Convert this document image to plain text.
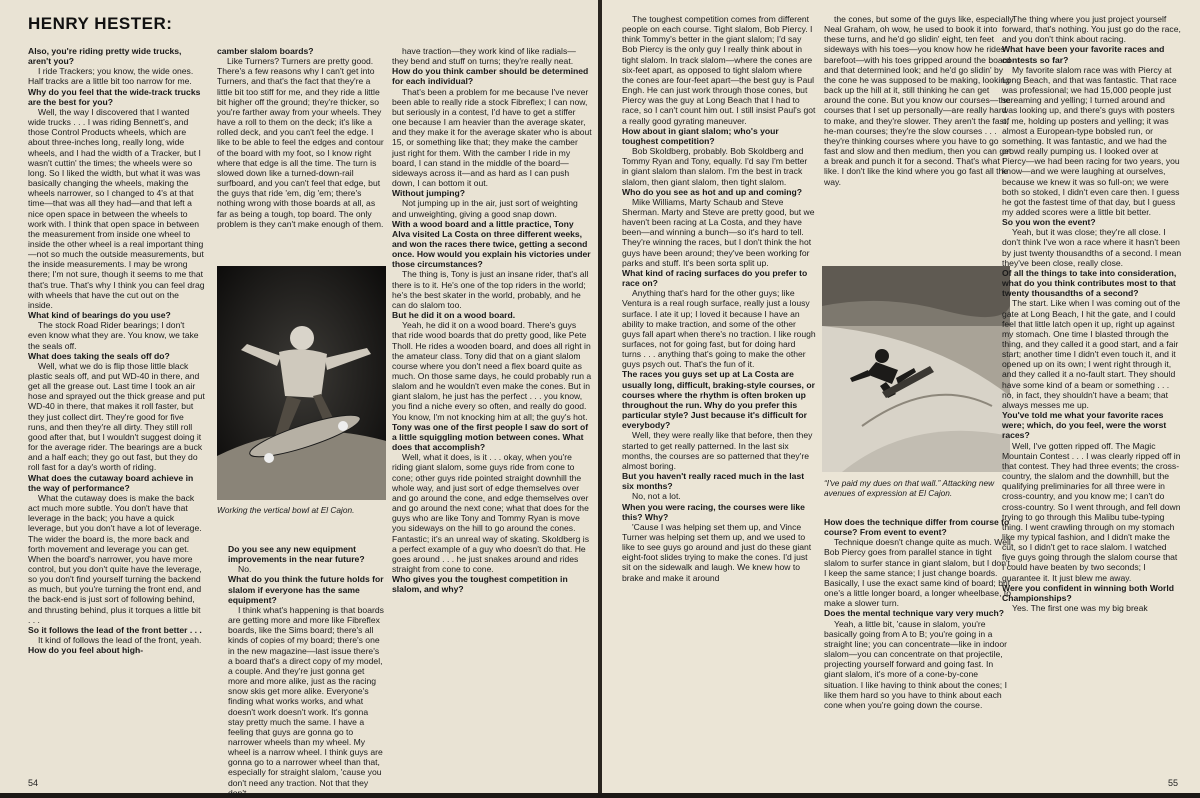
HENRY HESTER:

Also, you're riding pretty wide trucks, aren't you?

I ride Trackers; you know, the wide ones. Half tracks are a little bit too narrow for me.

Why do you feel that the wide-track trucks are the best for you?

Well, the way I discovered that I wanted wide trucks . . . I was riding Bennett's, and those Control Products wheels, which are about three-inches long, really long, wide wheels, and I had the width of a Tracker, but I wasn't cuttin' the times; the wheels were so long. So I liked the width, but what it was was basically changing the wheels, making the wheels narrower, so I changed to 4's at that time—that was all they had—and that left a nice open space in between the wheels to work with. I think that open space in between the measurement from inside one wheel to inside the other wheel is a real important thing—not so much the outside measurements, but the inside measurements. I may be wrong there; I'm not sure, though it seems to me that that's true. That's why I think you can feel drag with wheels that have the cut out on the inside.

What kind of bearings do you use?

The stock Road Rider bearings; I don't even know what they are. You know, we take the seals off.

What does taking the seals off do?

Well, what we do is flip those little black plastic seals off, and put WD-40 in there, and get all the grease out. Last time I took an air hose and sprayed out the thick grease and put WD-40 in there, that makes it roll faster, but they just collect dirt. They're good for five runs, and then they're all dirty. They still roll good after that, but I wouldn't suggest doing it for the average rider. The bearings are a buck and a half each; they go out fast, but they do roll fast for a day's worth of riding.

What does the cutaway board achieve in the way of performance?

What the cutaway does is make the back act much more subtle. You don't have that leverage in the back; you have a quick leverage, but you don't have a lot of leverage. The wider the board is, the more back and forth movement and leverage you can get. When the board's narrower, you have more control, but you don't quite have the leverage, so you don't find yourself turning the backend as much, but you're turning the front end, and the back-end is just sort of following behind, and thrusting behind, plus it torques a little bit . . .

So it follows the lead of the front better . . .

It kind of follows the lead of the front, yeah.

How do you feel about high-

camber slalom boards?

Like Turners? Turners are pretty good. There's a few reasons why I can't get into Turners, and that's the fact that they're a little bit too stiff for me, and they ride a little bit higher off the ground; they're thicker, so you're farther away from your wheels. They have a roll to them on the deck; it's like a rolled deck, and you can't feel the edge. I like to be able to feel the edges and contour of the board with my foot, so I know right where that edge is all the time. The turn is slowed down like a turned-down-rail surfboard, and you can't feel that edge, but the guys that ride 'em, dig 'em; there's nothing wrong with those boards at all, as far as being a tough, top board. The only problem is they can't make enough of them.

Working the vertical bowl at El Cajon.

Do you see any new equipment improvements in the near future?

No.

What do you think the future holds for slalom if everyone has the same equipment?

I think what's happening is that boards are getting more and more like Fibreflex boards, like the Sims board; there's all kinds of copies of my board; there's one in the new magazine—last issue there's a board that's a direct copy of my model, a couple. And they're just gonna get more and more alike, just as the racing snow skis get more alike. Everyone's finding what works works, and what doesn't work doesn't work. It's gonna stay pretty much the same. I have a feeling that guys are gonna go to narrower wheels than my wheel. My wheel is a narrow wheel. I think guys are gonna go to a narrower wheel than that, especially for straight slalom, 'cause you don't need any traction. Not that they don't

have traction—they work kind of like radials—they bend and stuff on turns; they're really neat.

How do you think camber should be determined for each individual?

That's been a problem for me because I've never been able to really ride a stock Fibreflex; I can now, but seriously in a contest, I'd have to get a stiffer one because I am heavier than the average skater, and they make it for the average skater who is about 15, or something like that; they make the camber just right for them. With the camber I ride in my board, I can stand in the middle of the board—sideways across it—and as hard as I can push down, I can bottom it out.

Without jumping?

Not jumping up in the air, just sort of weighting and unweighting, giving a good snap down.

With a wood board and a little practice, Tony Alva visited La Costa on three different weeks, and won the races there twice, getting a second once. How would you explain his victories under those circumstances?

The thing is, Tony is just an insane rider, that's all there is to it. He's one of the top riders in the world; he's the best skater in the world, probably, and he can do slalom too.

But he did it on a wood board.

Yeah, he did it on a wood board. There's guys that ride wood boards that do pretty good, like Pete Tholl. He rides a wooden board, and does all right in the amateur class. Tony did that on a giant slalom course where you don't need a flex board quite as much. On those same days, he could probably run a slalom and he wouldn't even make the cones. But in giant slalom, he just has the perfect . . . you know, you find a niche every so often, and really do good. You know, I'm not knocking him at all; the guy's hot.

Tony was one of the first people I saw do sort of a little squiggling motion between cones. What does that accomplish?

Well, what it does, is it . . . okay, when you're riding giant slalom, some guys ride from cone to cone; other guys ride pointed straight downhill the whole way, and just sort of edge themselves over and go around the cone, and edge themselves over and go around the next cone; what that does for the guys who are like Tony and Tommy Ryan is move you sideways on the hill to go around the cones. Fantastic; it's an unreal way of skating. Skoldberg is a perfect example of a guy who doesn't do that. He goes around . . . he just snakes around and rides straight from cone to cone.

Who gives you the toughest competition in slalom, and why?

54

The toughest competition comes from different people on each course. Tight slalom, Bob Piercy. I think Tommy's better in the giant slalom; I'd say Bob Piercy is the only guy I really think about in tight slalom. In track slalom—where the cones are six-feet apart, as opposed to tight slalom where the cones are four-feet apart—the best guy is Paul Engh. He can just work through those cones, but Piercy was the guy at Long Beach that I had to race, so I can't count him out. I still insist Paul's got a really good gyrating maneuver.

How about in giant slalom; who's your toughest competition?

Bob Skoldberg, probably. Bob Skoldberg and Tommy Ryan and Tony, equally. I'd say I'm better in giant slalom than slalom. I'm the best in track slalom, then giant slalom, then tight slalom.

Who do you see as hot and up and coming?

Mike Williams, Marty Schaub and Steve Sherman. Marty and Steve are pretty good, but we haven't been racing at La Costa, and they have been—and winning a bunch—so it's hard to tell. They're winning the races, but I don't think the hot guys have been around; they've been working for parks and stuff. It's been sorta split up.

What kind of racing surfaces do you prefer to race on?

Anything that's hard for the other guys; like Ventura is a real rough surface, really just a lousy surface. I ate it up; I loved it because I have an ability to make traction, and some of the other guys fall apart when there's no traction. I like rough surfaces, not for going fast, but for doing hard turns . . . anything that's going to make the other guys psych out. That's the fun of it.

The races you guys set up at La Costa are usually long, difficult, braking-style courses, or courses where the rhythm is often broken up throughout the run. Why do you prefer this particular style? Just because it's difficult for everybody?

Well, they were really like that before, then they started to get really patterned. In the last six months, the courses are so patterned that they're almost boring.

But you haven't really raced much in the last six months?

No, not a lot.

When you were racing, the courses were like this? Why?

'Cause I was helping set them up, and Vince Turner was helping set them up, and we used to like to see guys go around and just do these giant eight-foot slides trying to make the cones. I'd just sit on the sidewalk and laugh. We knew how to brake and make it around

the cones, but some of the guys like, especially Neal Graham, oh wow, he used to book it into these turns, and he'd go slidin' eight, ten feet sideways with his toes—you know how he rides barefoot—with his toes gripped around the board and that determined look; and he'd go slidin' by the cone he was supposed to be making, looking back up the hill at it, still thinking he can get around the cone. But you know our courses—the courses that I set up personally—are really hard to make, and they're slower. They aren't the fast, he-man courses; they're the slow courses . . . they're thinking courses where you have to go fast and slow and then medium, then you can get a break and punch it for a second. That's what I like. I don't like the kind where you go fast all the way.

“I've paid my dues on that wall.” Attacking new avenues of expression at El Cajon.

How does the technique differ from course to course? From event to event?

Technique doesn't change quite as much. Well, Bob Piercy goes from parallel stance in tight slalom to surfer stance in giant slalom, but I don't. I keep the same stance; I just change boards. Basically, I use the exact same kind of board; but one's a little longer board, a longer wheelbase, to make a slower turn.

Does the mental technique vary very much?

Yeah, a little bit, 'cause in slalom, you're basically going from A to B; you're going in a straight line; you can concentrate—like in indoor slalom—you can concentrate on that projectile, projecting yourself forward and going fast. In giant slalom, it's more of a cone-by-cone situation. I like having to think about the cones; I like them hard so you have to think about each cone when you're going down the course.

The thing where you just project yourself forward, that's nothing. You just go do the race, and you don't think about racing.

What have been your favorite races and contests so far?

My favorite slalom race was with Piercy at Long Beach, and that was fantastic. That race was professional; we had 15,000 people just screaming and yelling; I turned around and was looking up, and there's guys with posters of me, holding up posters and yelling; it was almost a European-type bobsled run, or something. It was fantastic, and we had the crowd really pumping us. I looked over at Piercy—we had been racing for two years, you know—and we were laughing at ourselves, because we knew it was so full-on; we were both so stoked, I didn't even care then. I guess he got the fastest time of that day, but I guess my added scores were a little bit better.

So you won the event?

Yeah, but it was close; they're all close. I don't think I've won a race where it hasn't been by just twenty thousandths of a second. I mean they've been close, really close.

Of all the things to take into consideration, what do you think contributes most to that twenty thousandths of a second?

The start. Like when I was coming out of the gate at Long Beach, I hit the gate, and I could feel that little latch open it up, right up against my stomach. One time I blasted through the thing, and they called it a good start, and a fair start; another time I didn't even touch it, and it opened up on its own; I went right through it, and they called it a no-fault start. They should have some kind of a beam or something . . . no, in fact, they shouldn't have a beam; that always messes me up.

You've told me what your favorite races were; which, do you feel, were the worst races?

Well, I've gotten ripped off. The Magic Mountain Contest . . . I was clearly ripped off in that contest. They had three events; the cross-country, the slalom and the downhill, but the qualifying preliminaries for all three were in cross-country, and you know me; I can't do cross-country. So I went through, and fell down trying to go through this Malibu tube-typing thing. I went crawling through on my stomach like my typical fashion, and I didn't make the cut, so I didn't get to race slalom. I watched five guys going through the slalom course that I could have beaten by two seconds; I guarantee it. It just blew me away.

Were you confident in winning both World Championships?

Yes. The first one was my big break

55
